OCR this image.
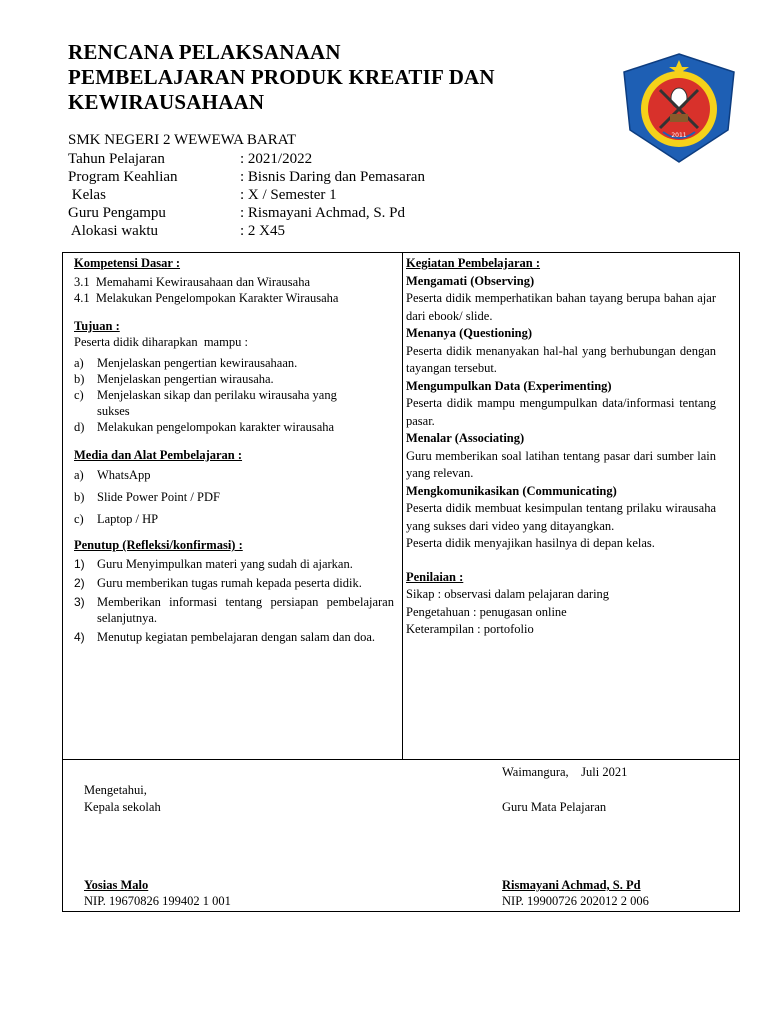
RENCANA PELAKSANAAN
PEMBELAJARAN PRODUK KREATIF DAN
KEWIRAUSAHAAN
2011
SMK NEGERI 2 WEWEWA BARAT
Tahun Pelajaran	: 2021/2022
Program Keahlian	: Bisnis Daring dan Pemasaran
Kelas	: X / Semester 1
Guru Pengampu	: Rismayani Achmad, S. Pd
Alokasi waktu	: 2 X45
Kompetensi Dasar :
3.1  Memahami Kewirausahaan dan Wirausaha
4.1  Melakukan Pengelompokan Karakter Wirausaha
Tujuan :
Peserta didik diharapkan  mampu :
a) Menjelaskan pengertian kewirausahaan.
b) Menjelaskan pengertian wirausaha.
c) Menjelaskan sikap dan perilaku wirausaha yang sukses
d) Melakukan pengelompokan karakter wirausaha
Media dan Alat Pembelajaran :
a) WhatsApp
b) Slide Power Point / PDF
c) Laptop / HP
Penutup (Refleksi/konfirmasi) :
1) Guru Menyimpulkan materi yang sudah di ajarkan.
2) Guru memberikan tugas rumah kepada peserta didik.
3) Memberikan informasi tentang persiapan pembelajaran selanjutnya.
4) Menutup kegiatan pembelajaran dengan salam dan doa.
Kegiatan Pembelajaran :
Mengamati (Observing)
Peserta didik memperhatikan bahan tayang berupa bahan ajar dari ebook/ slide.
Menanya (Questioning)
Peserta didik menanyakan hal-hal yang berhubungan dengan tayangan tersebut.
Mengumpulkan Data (Experimenting)
Peserta didik mampu mengumpulkan data/informasi tentang pasar.
Menalar (Associating)
Guru memberikan soal latihan tentang pasar dari sumber lain yang relevan.
Mengkomunikasikan (Communicating)
Peserta didik membuat kesimpulan tentang prilaku wirausaha yang sukses dari video yang ditayangkan.
Peserta didik menyajikan hasilnya di depan kelas.
Penilaian :
Sikap : observasi dalam pelajaran daring
Pengetahuan : penugasan online
Keterampilan : portofolio
Waimangura,    Juli 2021
Mengetahui,
Kepala sekolah	Guru Mata Pelajaran
Yosias Malo
NIP. 19670826 199402 1 001
Rismayani Achmad, S. Pd
NIP. 19900726 202012 2 006
